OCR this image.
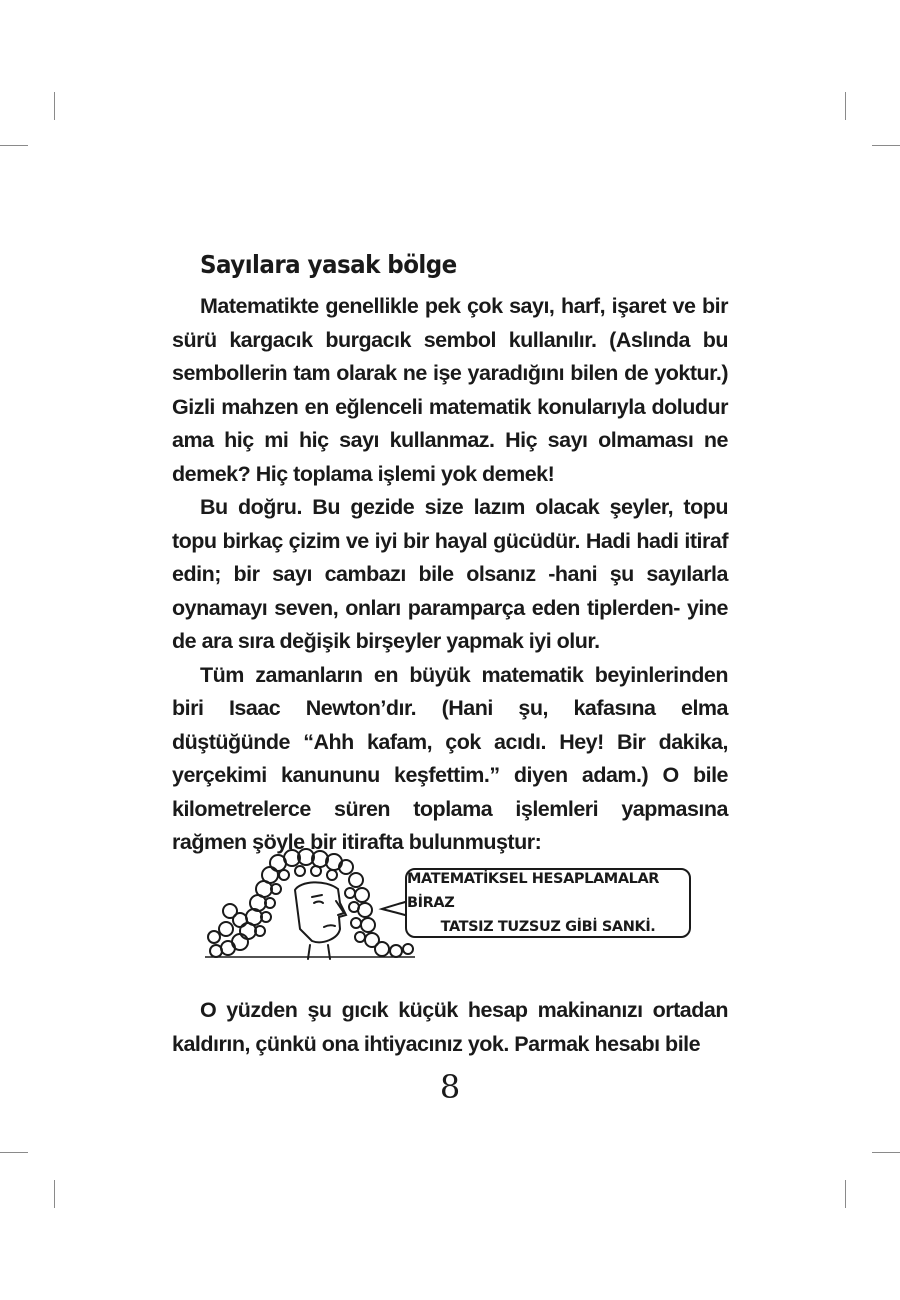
Sayılara yasak bölge

Matematikte genellikle pek çok sayı, harf, işaret ve bir sürü kargacık burgacık sembol kullanılır. (Aslında bu sembollerin tam olarak ne işe yaradığını bilen de yoktur.) Gizli mahzen en eğlenceli matematik konularıyla doludur ama hiç mi hiç sayı kullanmaz. Hiç sayı olmaması ne demek? Hiç toplama işlemi yok demek!

Bu doğru. Bu gezide size lazım olacak şeyler, topu topu birkaç çizim ve iyi bir hayal gücüdür. Hadi hadi itiraf edin; bir sayı cambazı bile olsanız -hani şu sayılarla oynamayı seven, onları paramparça eden tiplerden- yine de ara sıra değişik birşeyler yapmak iyi olur.

Tüm zamanların en büyük matematik beyinlerinden biri Isaac Newton’dır. (Hani şu, kafasına elma düştüğünde “Ahh kafam, çok acıdı. Hey! Bir dakika, yerçekimi kanununu keşfettim.” diyen adam.) O bile kilometrelerce süren toplama işlemleri yapmasına rağmen şöyle bir itirafta bulunmuştur:

MATEMATİKSEL HESAPLAMALAR BİRAZ
TATSIZ TUZSUZ GİBİ SANKİ.

O yüzden şu gıcık küçük hesap makinanızı ortadan kaldırın, çünkü ona ihtiyacınız yok. Parmak hesabı bile

8
